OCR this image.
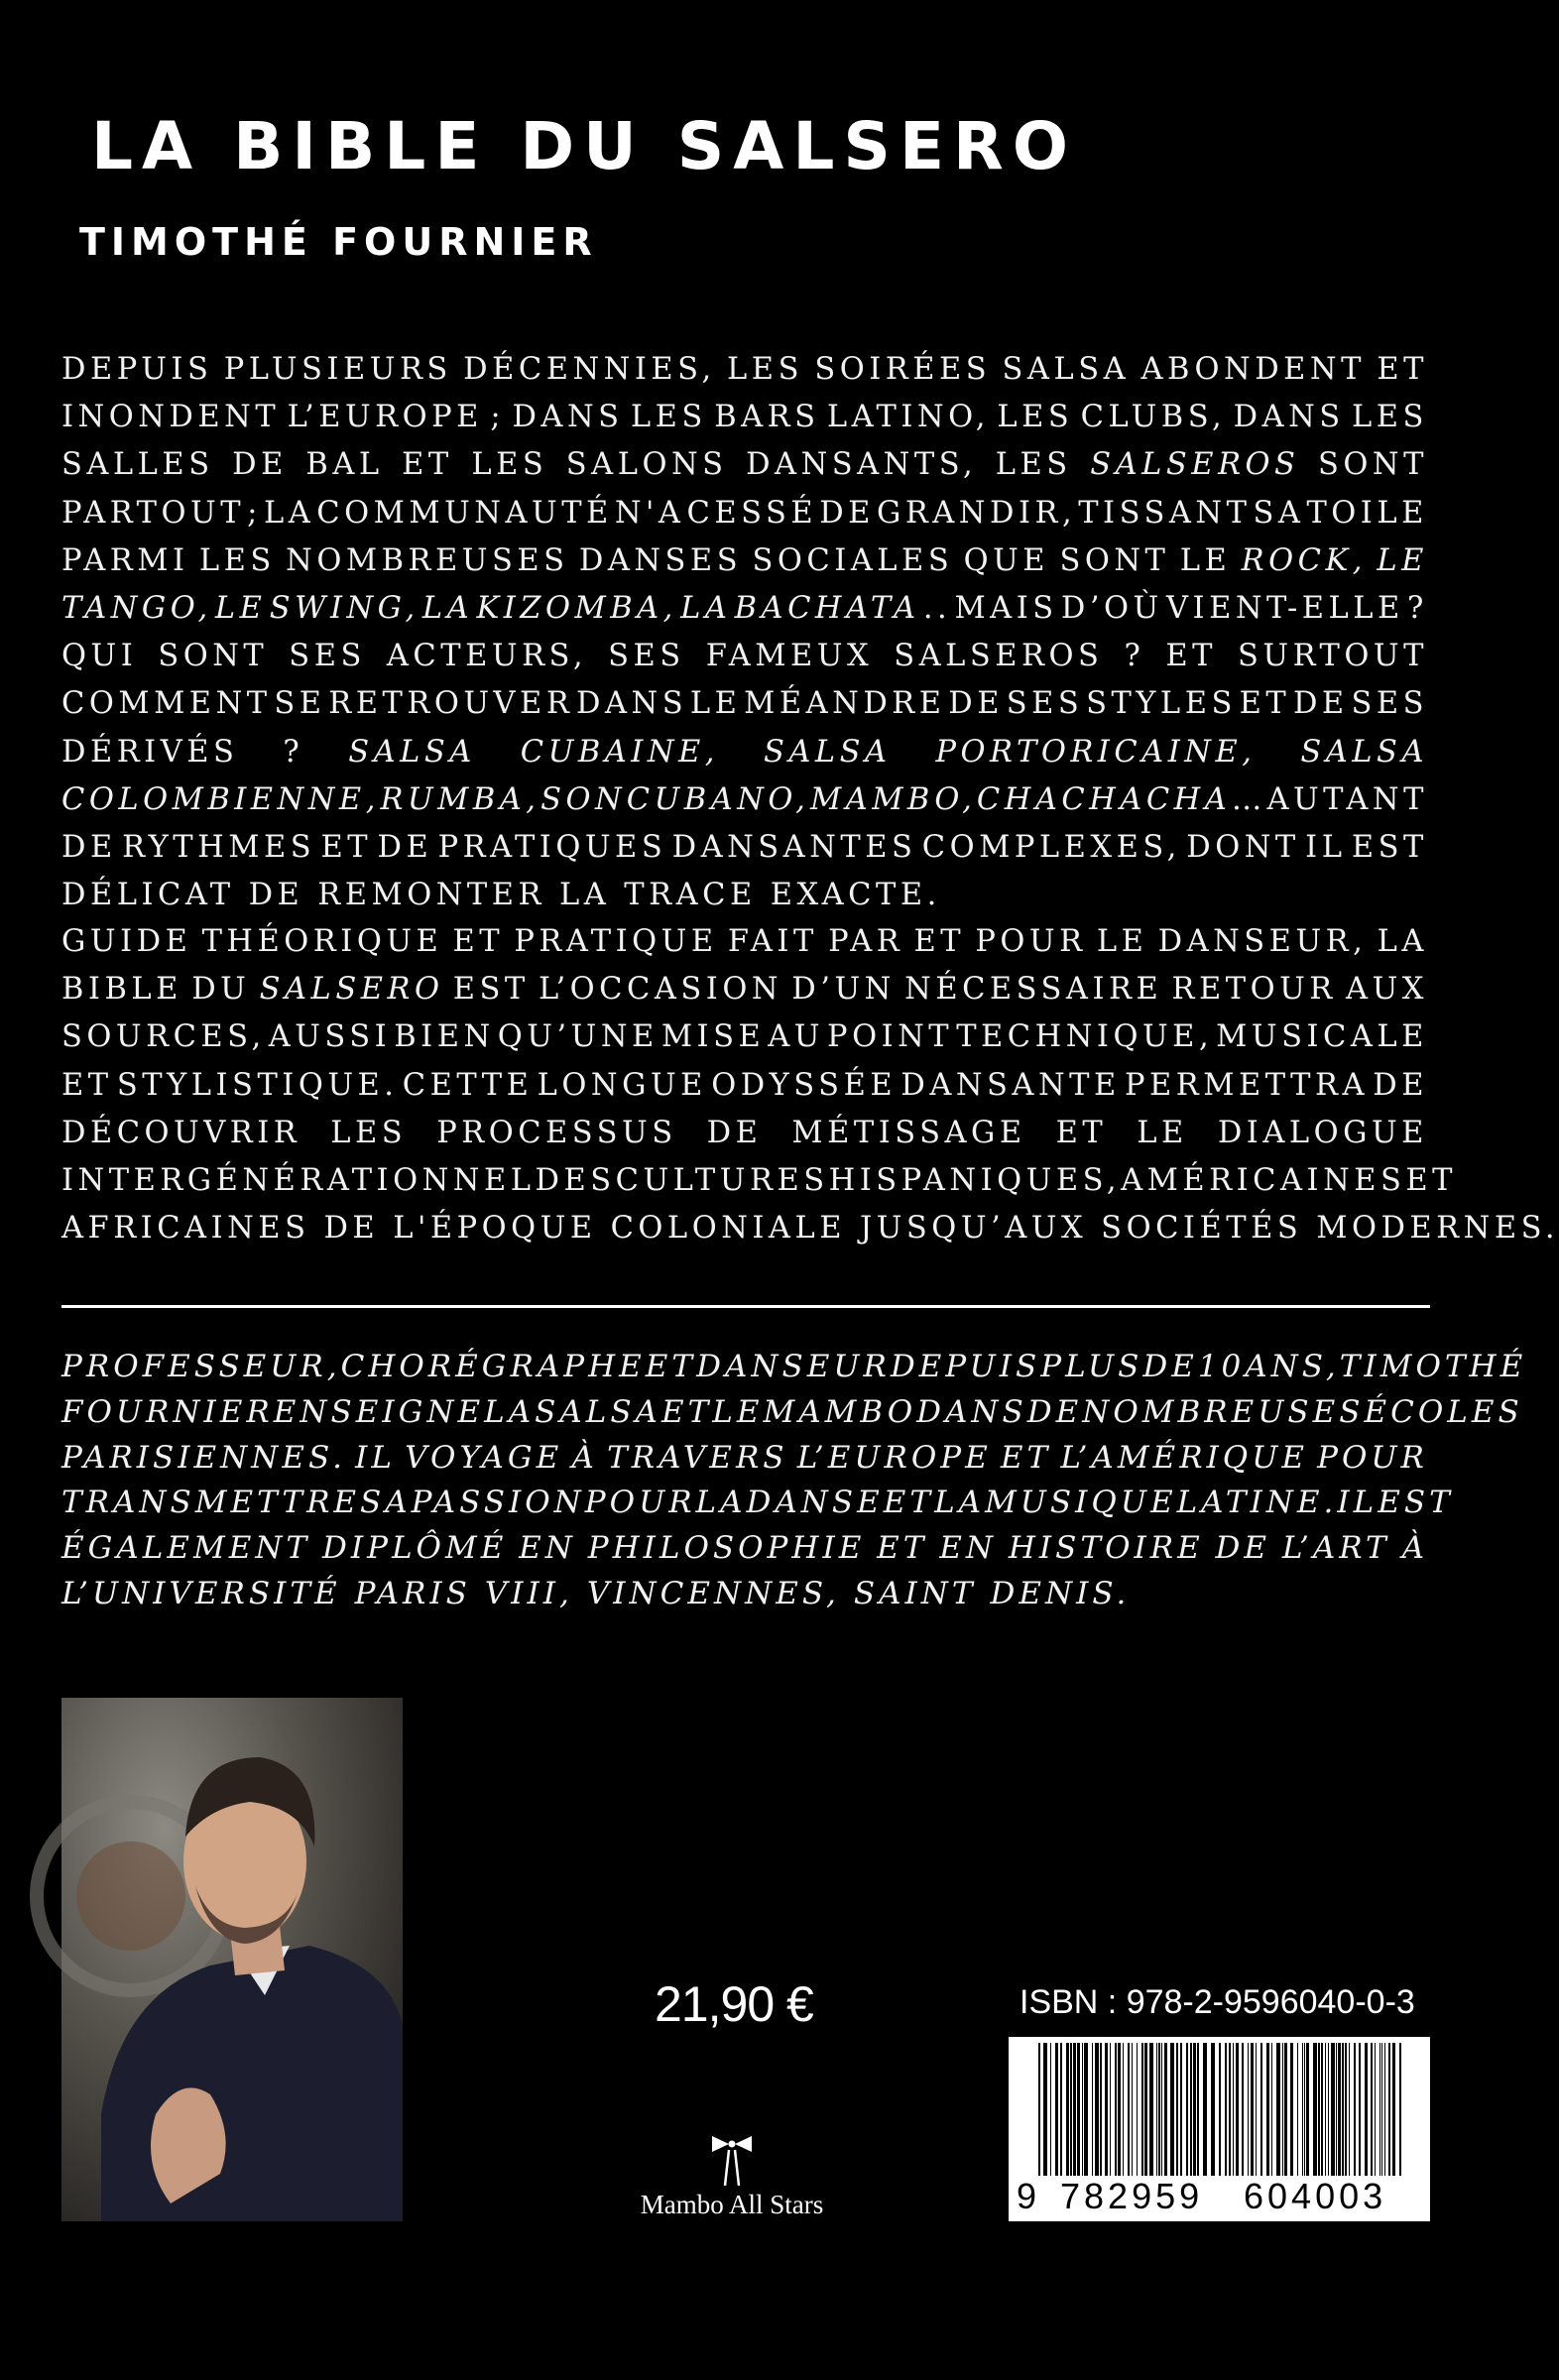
LA BIBLE DU SALSERO
TIMOTHÉ FOURNIER
DEPUIS PLUSIEURS DÉCENNIES, LES SOIRÉES SALSA ABONDENT ET
INONDENT L’EUROPE ; DANS LES BARS LATINO, LES CLUBS, DANS LES
SALLES DE BAL ET LES SALONS DANSANTS, LES SALSEROS SONT
PARTOUT ; LA COMMUNAUTÉ N'A CESSÉ DE GRANDIR, TISSANT SA TOILE
PARMI LES NOMBREUSES DANSES SOCIALES QUE SONT LE ROCK, LE
TANGO, LE SWING, LA KIZOMBA, LA BACHATA .. MAIS D’OÙ VIENT-ELLE ?
QUI SONT SES ACTEURS, SES FAMEUX SALSEROS ? ET SURTOUT
COMMENT SE RETROUVER DANS LE MÉANDRE DE SES STYLES ET DE SES
DÉRIVÉS ? SALSA CUBAINE, SALSA PORTORICAINE, SALSA
COLOMBIENNE, RUMBA, SON CUBANO, MAMBO, CHACHACHA … AUTANT
DE RYTHMES ET DE PRATIQUES DANSANTES COMPLEXES, DONT IL EST
DÉLICAT DE REMONTER LA TRACE EXACTE.
GUIDE THÉORIQUE ET PRATIQUE FAIT PAR ET POUR LE DANSEUR, LA
BIBLE DU SALSERO EST L’OCCASION D’UN NÉCESSAIRE RETOUR AUX
SOURCES, AUSSI BIEN QU’UNE MISE AU POINT TECHNIQUE, MUSICALE
ET STYLISTIQUE. CETTE LONGUE ODYSSÉE DANSANTE PERMETTRA DE
DÉCOUVRIR LES PROCESSUS DE MÉTISSAGE ET LE DIALOGUE
INTERGÉNÉRATIONNEL DES CULTURES HISPANIQUES, AMÉRICAINES ET
AFRICAINES DE L'ÉPOQUE COLONIALE JUSQU’AUX SOCIÉTÉS MODERNES.
PROFESSEUR, CHORÉGRAPHE ET DANSEUR DEPUIS PLUS DE 10 ANS, TIMOTHÉ
FOURNIER ENSEIGNE LA SALSA ET LE MAMBO DANS DE NOMBREUSES ÉCOLES
PARISIENNES. IL VOYAGE À TRAVERS L’EUROPE ET L’AMÉRIQUE POUR
TRANSMETTRE SA PASSION POUR LA DANSE ET LA MUSIQUE LATINE. IL EST
ÉGALEMENT DIPLÔMÉ EN PHILOSOPHIE ET EN HISTOIRE DE L’ART À
L’UNIVERSITÉ PARIS VIII, VINCENNES, SAINT DENIS.
21,90 €
Mambo All Stars
ISBN : 978-2-9596040-0-3
9 782959 604003
